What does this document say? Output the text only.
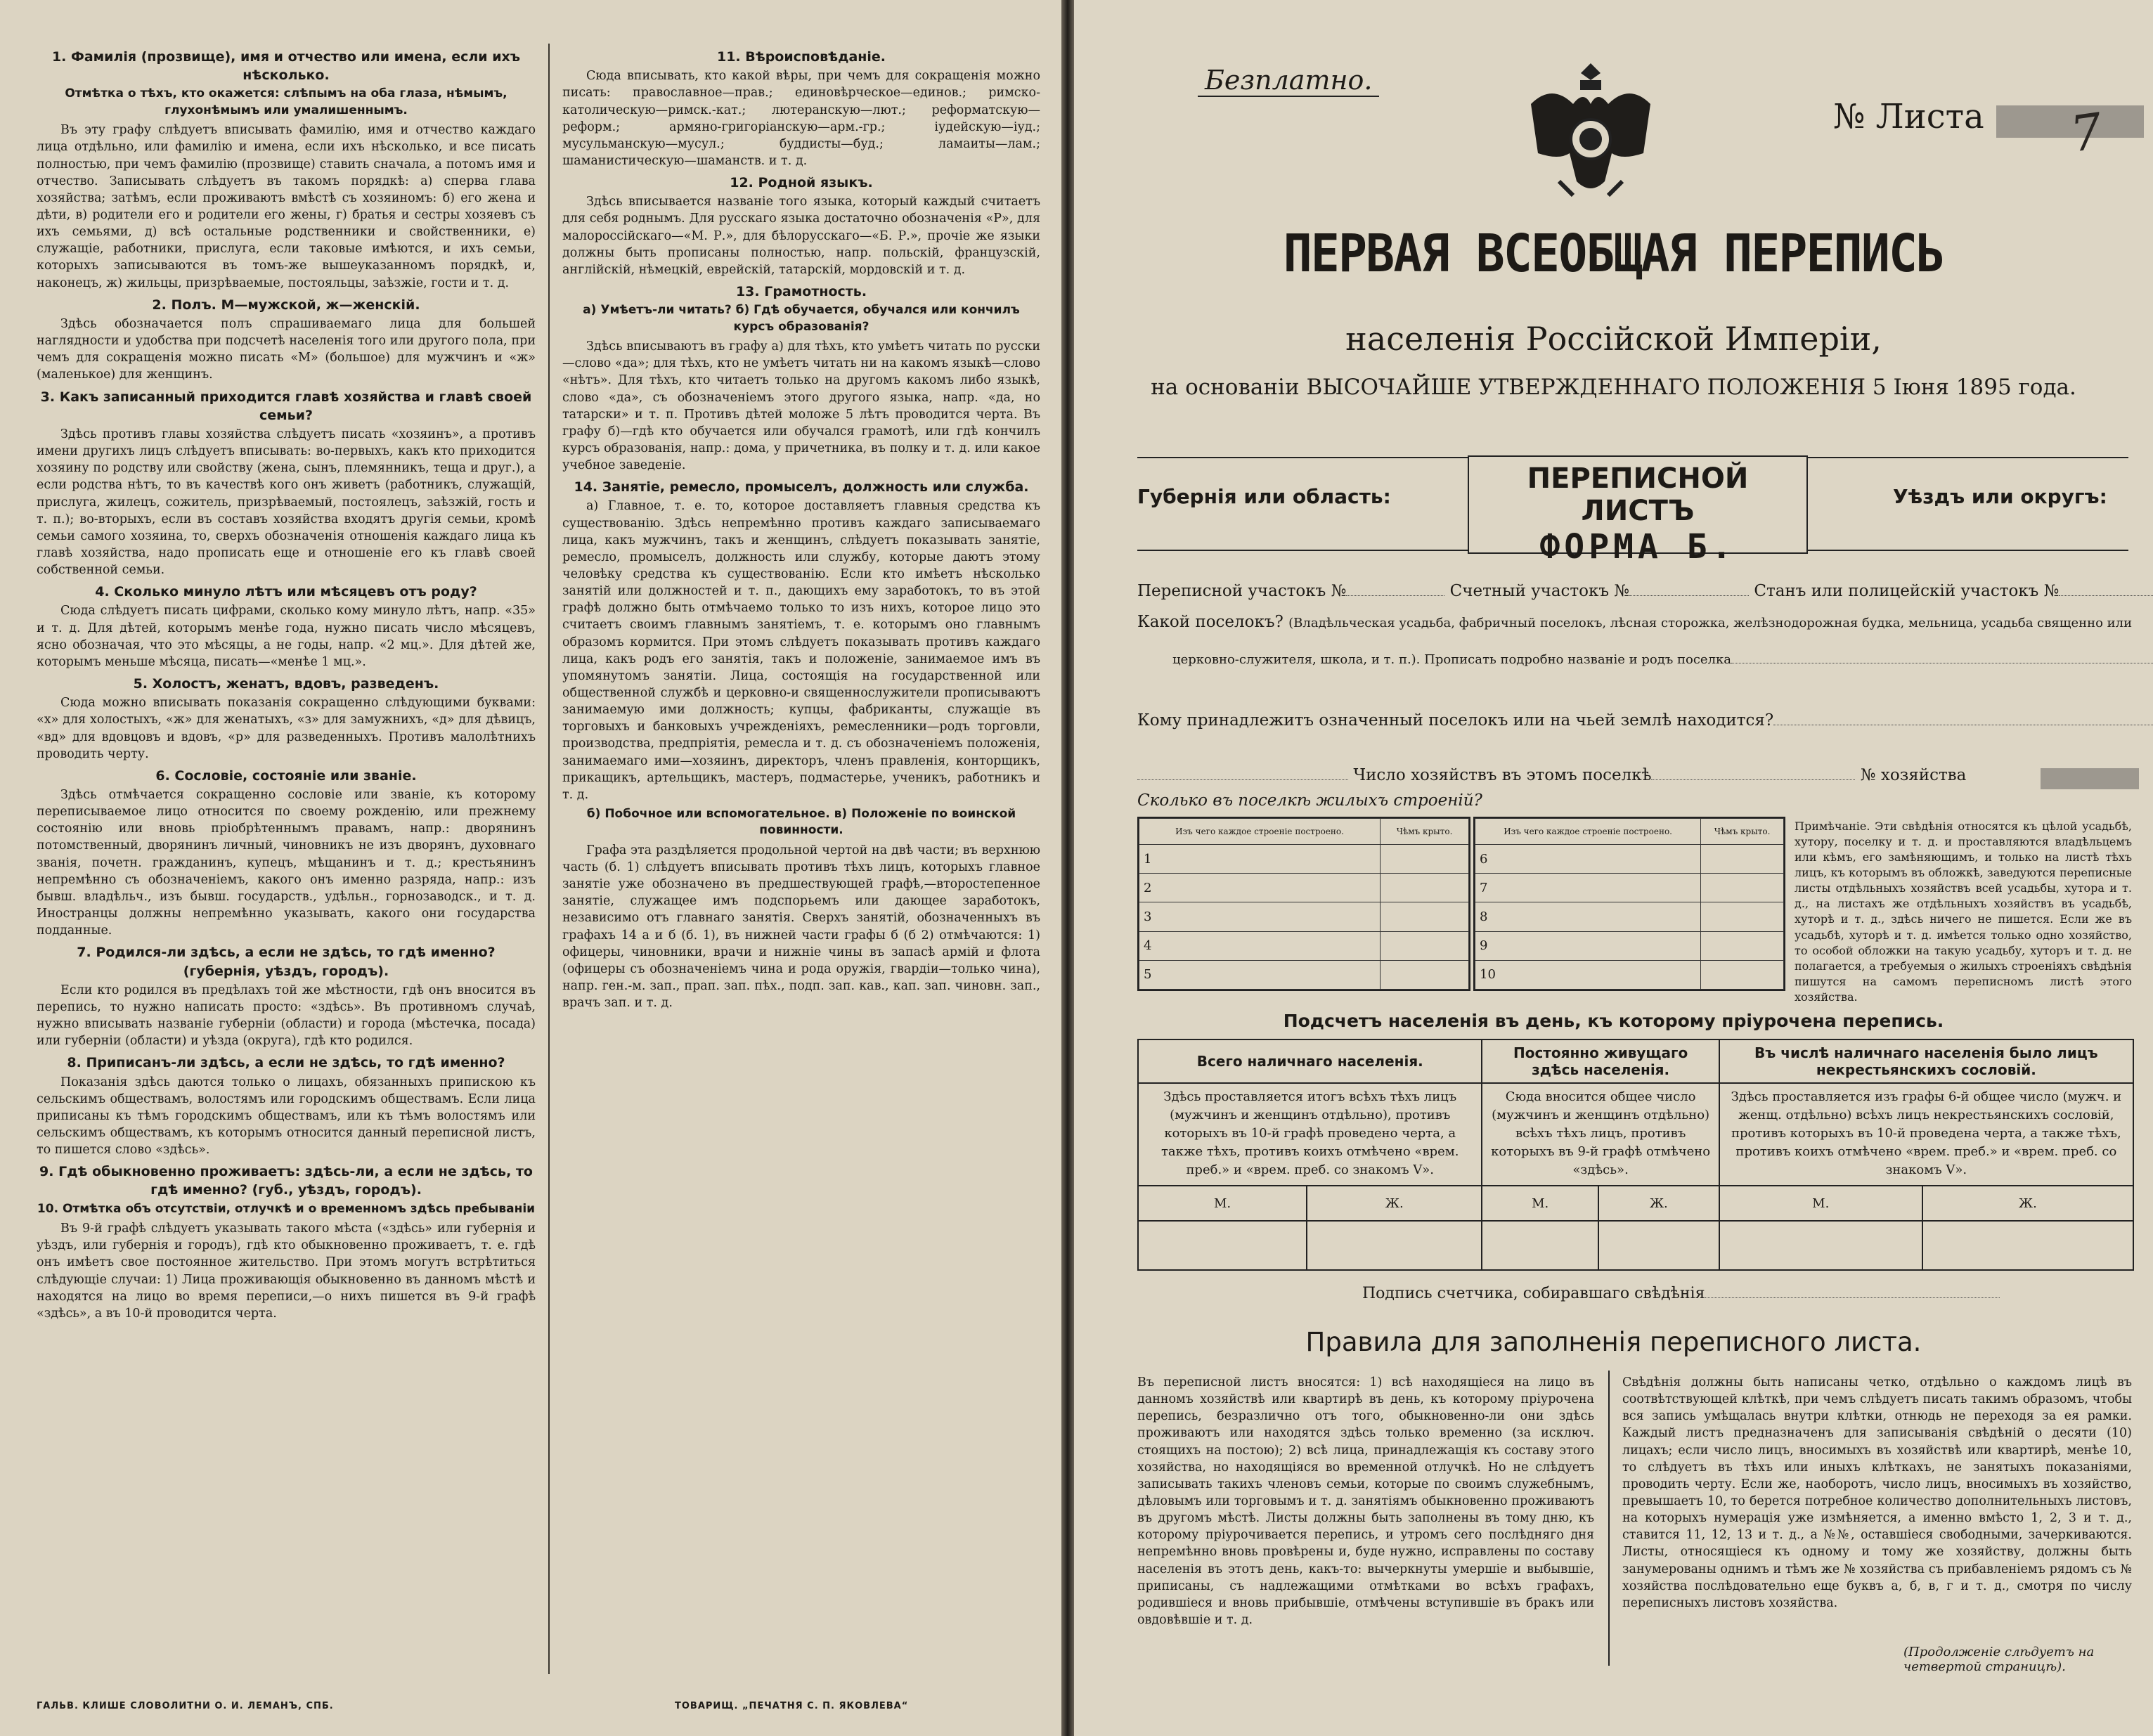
1. Фамилія (прозвище), имя и отчество или имена, если ихъ нѣсколько.
Отмѣтка о тѣхъ, кто окажется: слѣпымъ на оба глаза, нѣмымъ, глухонѣмымъ или умалишеннымъ.
Въ эту графу слѣдуетъ вписывать фамилію, имя и отчество каждаго лица отдѣльно, или фамилію и имена, если ихъ нѣсколько, и все писать полностью, при чемъ фамилію (прозвище) ставить сначала, а потомъ имя и отчество. Записывать слѣдуетъ въ такомъ порядкѣ: а) сперва глава хозяйства; затѣмъ, если проживаютъ вмѣстѣ съ хозяиномъ: б) его жена и дѣти, в) родители его и родители его жены, г) братья и сестры хозяевъ съ ихъ семьями, д) всѣ остальные родственники и свойственники, е) служащіе, работники, прислуга, если таковые имѣются, и ихъ семьи, которыхъ записываются въ томъ-же вышеуказанномъ порядкѣ, и, наконецъ, ж) жильцы, призрѣваемые, постояльцы, заѣзжіе, гости и т. д.
2. Полъ. М—мужской, ж—женскій.
Здѣсь обозначается полъ спрашиваемаго лица для большей наглядности и удобства при подсчетѣ населенія того или другого пола, при чемъ для сокращенія можно писать «М» (большое) для мужчинъ и «ж» (маленькое) для женщинъ.
3. Какъ записанный приходится главѣ хозяйства и главѣ своей семьи?
Здѣсь противъ главы хозяйства слѣдуетъ писать «хозяинъ», а противъ имени другихъ лицъ слѣдуетъ вписывать: во-первыхъ, какъ кто приходится хозяину по родству или свойству (жена, сынъ, племянникъ, теща и друг.), а если родства нѣтъ, то въ качествѣ кого онъ живетъ (работникъ, служащій, прислуга, жилецъ, сожитель, призрѣваемый, постоялецъ, заѣзжій, гость и т. п.); во-вторыхъ, если въ составъ хозяйства входятъ другія семьи, кромѣ семьи самого хозяина, то, сверхъ обозначенія отношенія каждаго лица къ главѣ хозяйства, надо прописать еще и отношеніе его къ главѣ своей собственной семьи.
4. Сколько минуло лѣтъ или мѣсяцевъ отъ роду?
Сюда слѣдуетъ писать цифрами, сколько кому минуло лѣтъ, напр. «35» и т. д. Для дѣтей, которымъ менѣе года, нужно писать число мѣсяцевъ, ясно обозначая, что это мѣсяцы, а не годы, напр. «2 мц.». Для дѣтей же, которымъ меньше мѣсяца, писать—«менѣе 1 мц.».
5. Холостъ, женатъ, вдовъ, разведенъ.
Сюда можно вписывать показанія сокращенно слѣдующими буквами: «х» для холостыхъ, «ж» для женатыхъ, «з» для замужнихъ, «д» для дѣвицъ, «вд» для вдовцовъ и вдовъ, «р» для разведенныхъ. Противъ малолѣтнихъ проводить черту.
6. Сословіе, состояніе или званіе.
Здѣсь отмѣчается сокращенно сословіе или званіе, къ которому переписываемое лицо относится по своему рожденію, или прежнему состоянію или вновь пріобрѣтеннымъ правамъ, напр.: дворянинъ потомственный, дворянинъ личный, чиновникъ не изъ дворянъ, духовнаго званія, почетн. гражданинъ, купецъ, мѣщанинъ и т. д.; крестьянинъ непремѣнно съ обозначеніемъ, какого онъ именно разряда, напр.: изъ бывш. владѣльч., изъ бывш. государств., удѣльн., горнозаводск., и т. д. Иностранцы должны непремѣнно указывать, какого они государства подданные.
7. Родился-ли здѣсь, а если не здѣсь, то гдѣ именно? (губернія, уѣздъ, городъ).
Если кто родился въ предѣлахъ той же мѣстности, гдѣ онъ вносится въ перепись, то нужно написать просто: «здѣсь». Въ противномъ случаѣ, нужно вписывать названіе губерніи (области) и города (мѣстечка, посада) или губерніи (области) и уѣзда (округа), гдѣ кто родился.
8. Приписанъ-ли здѣсь, а если не здѣсь, то гдѣ именно?
Показанія здѣсь даются только о лицахъ, обязанныхъ припискою къ сельскимъ обществамъ, волостямъ или городскимъ обществамъ. Если лица приписаны къ тѣмъ городскимъ обществамъ, или къ тѣмъ волостямъ или сельскимъ обществамъ, къ которымъ относится данный переписной листъ, то пишется слово «здѣсь».
9. Гдѣ обыкновенно проживаетъ: здѣсь-ли, а если не здѣсь, то гдѣ именно? (губ., уѣздъ, городъ).
10. Отмѣтка объ отсутствіи, отлучкѣ и о временномъ здѣсь пребываніи
Въ 9-й графѣ слѣдуетъ указывать такого мѣста («здѣсь» или губернія и уѣздъ, или губернія и городъ), гдѣ кто обыкновенно проживаетъ, т. е. гдѣ онъ имѣетъ свое постоянное жительство. При этомъ могутъ встрѣтиться слѣдующіе случаи: 1) Лица проживающія обыкновенно въ данномъ мѣстѣ и находятся на лицо во время переписи,—о нихъ пишется въ 9-й графѣ «здѣсь», а въ 10-й проводится черта.
11. Вѣроисповѣданіе.
Сюда вписывать, кто какой вѣры, при чемъ для сокращенія можно писать: православное—прав.; единовѣрческое—единов.; римско-католическую—римск.-кат.; лютеранскую—лют.; реформатскую—реформ.; армяно-григоріанскую—арм.-гр.; іудейскую—іуд.; мусульманскую—мусул.; буддисты—буд.; ламаиты—лам.; шаманистическую—шаманств. и т. д.
12. Родной языкъ.
Здѣсь вписывается названіе того языка, который каждый считаетъ для себя роднымъ. Для русскаго языка достаточно обозначенія «Р», для малороссійскаго—«М. Р.», для бѣлорусскаго—«Б. Р.», прочіе же языки должны быть прописаны полностью, напр. польскій, французскій, англійскій, нѣмецкій, еврейскій, татарскій, мордовскій и т. д.
13. Грамотность.
а) Умѣетъ-ли читать? б) Гдѣ обучается, обучался или кончилъ курсъ образованія?
Здѣсь вписываютъ въ графу а) для тѣхъ, кто умѣетъ читать по русски—слово «да»; для тѣхъ, кто не умѣетъ читать ни на какомъ языкѣ—слово «нѣтъ». Для тѣхъ, кто читаетъ только на другомъ какомъ либо языкѣ, слово «да», съ обозначеніемъ этого другого языка, напр. «да, но татарски» и т. п. Противъ дѣтей моложе 5 лѣтъ проводится черта. Въ графу б)—гдѣ кто обучается или обучался грамотѣ, или гдѣ кончилъ курсъ образованія, напр.: дома, у причетника, въ полку и т. д. или какое учебное заведеніе.
14. Занятіе, ремесло, промыселъ, должность или служба.
а) Главное, т. е. то, которое доставляетъ главныя средства къ существованію. Здѣсь непремѣнно противъ каждаго записываемаго лица, какъ мужчинъ, такъ и женщинъ, слѣдуетъ показывать занятіе, ремесло, промыселъ, должность или службу, которые даютъ этому человѣку средства къ существованію. Если кто имѣетъ нѣсколько занятій или должностей и т. п., дающихъ ему заработокъ, то въ этой графѣ должно быть отмѣчаемо только то изъ нихъ, которое лицо это считаетъ своимъ главнымъ занятіемъ, т. е. которымъ оно главнымъ образомъ кормится. При этомъ слѣдуетъ показывать противъ каждаго лица, какъ родъ его занятія, такъ и положеніе, занимаемое имъ въ упомянутомъ занятіи. Лица, состоящія на государственной или общественной службѣ и церковно-и священнослужители прописываютъ занимаемую ими должность; купцы, фабриканты, служащіе въ торговыхъ и банковыхъ учрежденіяхъ, ремесленники—родъ торговли, производства, предпріятія, ремесла и т. д. съ обозначеніемъ положенія, занимаемаго ими—хозяинъ, директоръ, членъ правленія, конторщикъ, прикащикъ, артельщикъ, мастеръ, подмастерье, ученикъ, работникъ и т. д.
б) Побочное или вспомогательное. в) Положеніе по воинской повинности.
Графа эта раздѣляется продольной чертой на двѣ части; въ верхнюю часть (б. 1) слѣдуетъ вписывать противъ тѣхъ лицъ, которыхъ главное занятіе уже обозначено въ предшествующей графѣ,—второстепенное занятіе, служащее имъ подспорьемъ или дающее заработокъ, независимо отъ главнаго занятія. Сверхъ занятій, обозначенныхъ въ графахъ 14 а и б (б. 1), въ нижней части графы б (б 2) отмѣчаются: 1) офицеры, чиновники, врачи и нижніе чины въ запасѣ армій и флота (офицеры съ обозначеніемъ чина и рода оружія, гвардіи—только чина), напр. ген.-м. зап., прап. зап. пѣх., подп. зап. кав., кап. зап. чиновн. зап., врачъ зап. и т. д.
ГАЛЬВ. КЛИШЕ СЛОВОЛИТНИ О. И. ЛЕМАНЪ, СПБ.	ТОВАРИЩ. „ПЕЧАТНЯ С. П. ЯКОВЛЕВА“
Безплатно.
№ Листа 7
ПЕРВАЯ ВСЕОБЩАЯ ПЕРЕПИСЬ
населенія Россійской Имперіи,
на основаніи ВЫСОЧАЙШЕ УТВЕРЖДЕННАГО ПОЛОЖЕНІЯ 5 Іюня 1895 года.
Губернія или область:	Уѣздъ или округъ:
ПЕРЕПИСНОЙ ЛИСТЪ
ФОРМА Б.
Переписной участокъ №	Счетный участокъ №	Станъ или полицейскій участокъ №
Какой поселокъ? (Владѣльческая усадьба, фабричный поселокъ, лѣсная сторожка, желѣзнодорожная будка, мельница, усадьба священно или
церковно-служителя, школа, и т. п.). Прописать подробно названіе и родъ поселка
Кому принадлежитъ означенный поселокъ или на чьей землѣ находится?
Число хозяйствъ въ этомъ поселкѣ	№ хозяйства
Сколько въ поселкѣ жилыхъ строеній?
Изъ чего каждое строеніе построено.	Чѣмъ крыто.
1	
2	
3	
4	
5	
Изъ чего каждое строеніе построено.	Чѣмъ крыто.
6	
7	
8	
9	
10	
Примѣчаніе. Эти свѣдѣнія относятся къ цѣлой усадьбѣ, хутору, поселку и т. д. и проставляются владѣльцемъ или кѣмъ, его замѣняющимъ, и только на листѣ тѣхъ лицъ, къ которымъ въ обложкѣ, заведуются переписные листы отдѣльныхъ хозяйствъ всей усадьбы, хутора и т. д., на листахъ же отдѣльныхъ хозяйствъ въ усадьбѣ, хуторѣ и т. д., здѣсь ничего не пишется. Если же въ усадьбѣ, хуторѣ и т. д. имѣется только одно хозяйство, то особой обложки на такую усадьбу, хуторъ и т. д. не полагается, а требуемыя о жилыхъ строеніяхъ свѣдѣнія пишутся на самомъ переписномъ листѣ этого хозяйства.
Подсчетъ населенія въ день, къ которому пріурочена перепись.
Всего наличнаго населенія.		Постоянно живущаго здѣсь населенія.		Въ числѣ наличнаго населенія было лицъ некрестьянскихъ сословій.	
Здѣсь проставляется итогъ всѣхъ тѣхъ лицъ (мужчинъ и женщинъ отдѣльно), противъ которыхъ въ 10-й графѣ проведено черта, а также тѣхъ, противъ коихъ отмѣчено «врем. преб.» и «врем. преб. со знакомъ V».		Сюда вносится общее число (мужчинъ и женщинъ отдѣльно) всѣхъ тѣхъ лицъ, противъ которыхъ въ 9-й графѣ отмѣчено «здѣсь».		Здѣсь проставляется изъ графы 6-й общее число (мужч. и женщ. отдѣльно) всѣхъ лицъ некрестьянскихъ сословій, противъ которыхъ въ 10-й проведена черта, а также тѣхъ, противъ коихъ отмѣчено «врем. преб.» и «врем. преб. со знакомъ V».	
М.	Ж.	М.	Ж.	М.	Ж.

Подпись счетчика, собиравшаго свѣдѣнія
Правила для заполненія переписного листа.
Въ переписной листъ вносятся: 1) всѣ находящіеся на лицо въ данномъ хозяйствѣ или квартирѣ въ день, къ которому пріурочена перепись, безразлично отъ того, обыкновенно-ли они здѣсь проживаютъ или находятся здѣсь только временно (за исключ. стоящихъ на постою); 2) всѣ лица, принадлежащія къ составу этого хозяйства, но находящіяся во временной отлучкѣ. Но не слѣдуетъ записывать такихъ членовъ семьи, которые по своимъ служебнымъ, дѣловымъ или торговымъ и т. д. занятіямъ обыкновенно проживаютъ въ другомъ мѣстѣ. Листы должны быть заполнены въ тому дню, къ которому пріурочивается перепись, и утромъ сего послѣдняго дня непремѣнно вновь провѣрены и, буде нужно, исправлены по составу населенія въ этотъ день, какъ-то: вычеркнуты умершіе и выбывшіе, приписаны, съ надлежащими отмѣтками во всѣхъ графахъ, родившіеся и вновь прибывшіе, отмѣчены вступившіе въ бракъ или овдовѣвшіе и т. д.
Свѣдѣнія должны быть написаны четко, отдѣльно о каждомъ лицѣ въ соотвѣтствующей клѣткѣ, при чемъ слѣдуетъ писать такимъ образомъ, чтобы вся запись умѣщалась внутри клѣтки, отнюдь не переходя за ея рамки. Каждый листъ предназначенъ для записыванія свѣдѣній о десяти (10) лицахъ; если число лицъ, вносимыхъ въ хозяйствѣ или квартирѣ, менѣе 10, то слѣдуетъ въ тѣхъ или иныхъ клѣткахъ, не занятыхъ показаніями, проводить черту. Если же, наоборотъ, число лицъ, вносимыхъ въ хозяйство, превышаетъ 10, то берется потребное количество дополнительныхъ листовъ, на которыхъ нумерація уже измѣняется, а именно вмѣсто 1, 2, 3 и т. д., ставится 11, 12, 13 и т. д., а №№, оставшіеся свободными, зачеркиваются. Листы, относящіеся къ одному и тому же хозяйству, должны быть занумерованы однимъ и тѣмъ же № хозяйства съ прибавленіемъ рядомъ съ № хозяйства послѣдовательно еще буквъ а, б, в, г и т. д., смотря по числу переписныхъ листовъ хозяйства.
(Продолженіе слѣдуетъ на четвертой страницѣ).
